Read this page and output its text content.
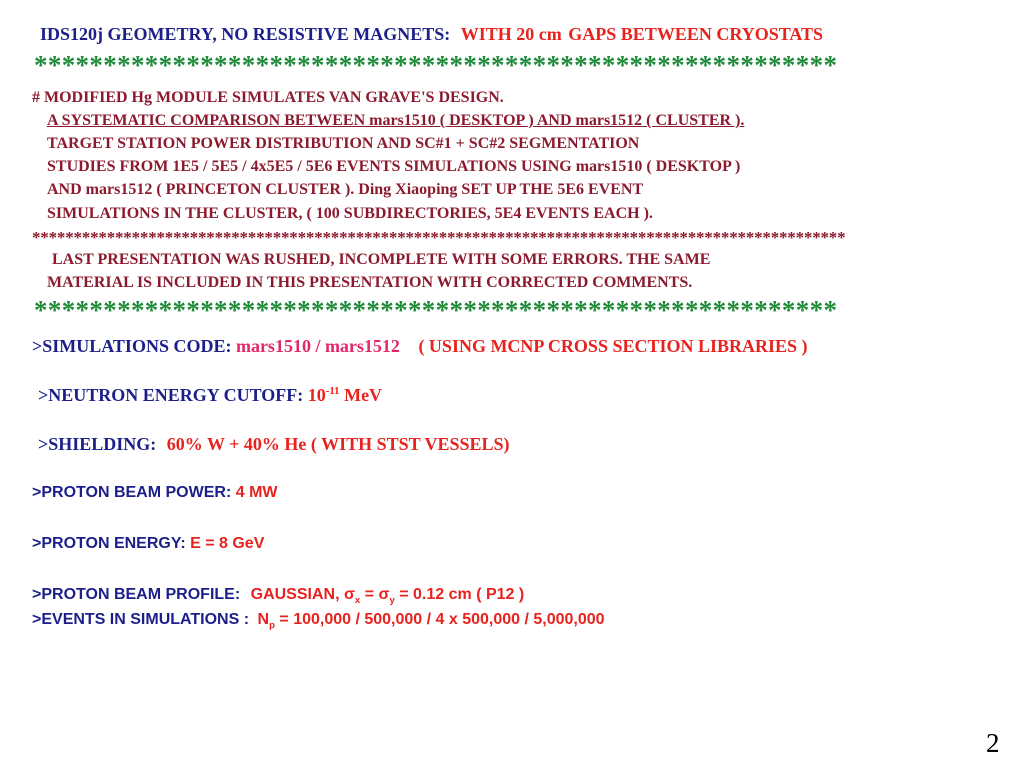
IDS120j GEOMETRY, NO RESISTIVE MAGNETS: WITH 20 cm GAPS BETWEEN CRYOSTATS
**********************************************************
# MODIFIED Hg MODULE SIMULATES VAN GRAVE'S DESIGN.
A SYSTEMATIC COMPARISON BETWEEN mars1510 ( DESKTOP ) AND mars1512 ( CLUSTER ).
TARGET STATION POWER DISTRIBUTION AND SC#1 + SC#2 SEGMENTATION
STUDIES FROM 1E5 / 5E5 / 4x5E5 / 5E6 EVENTS SIMULATIONS USING mars1510 ( DESKTOP )
AND mars1512 ( PRINCETON CLUSTER ). Ding Xiaoping SET UP THE 5E6 EVENT
SIMULATIONS IN THE CLUSTER, ( 100 SUBDIRECTORIES, 5E4 EVENTS EACH ).
**************************************************************************************************
LAST PRESENTATION WAS RUSHED, INCOMPLETE WITH SOME ERRORS. THE SAME
MATERIAL IS INCLUDED IN THIS PRESENTATION WITH CORRECTED COMMENTS.
**********************************************************
>SIMULATIONS CODE: mars1510 / mars1512 ( USING MCNP CROSS SECTION LIBRARIES )
>NEUTRON ENERGY CUTOFF: $10^{-11}$ MeV
>SHIELDING: 60% W + 40% He ( WITH STST VESSELS)
>PROTON BEAM POWER: 4 MW
>PROTON ENERGY: E = 8 GeV
>PROTON BEAM PROFILE: GAUSSIAN, $\sigma_x = \sigma_y = 0.12$ cm ( P12 )
>EVENTS IN SIMULATIONS : $N_p = 100,000 / 500,000 / 4$ x 500,000 / 5,000,000
2
